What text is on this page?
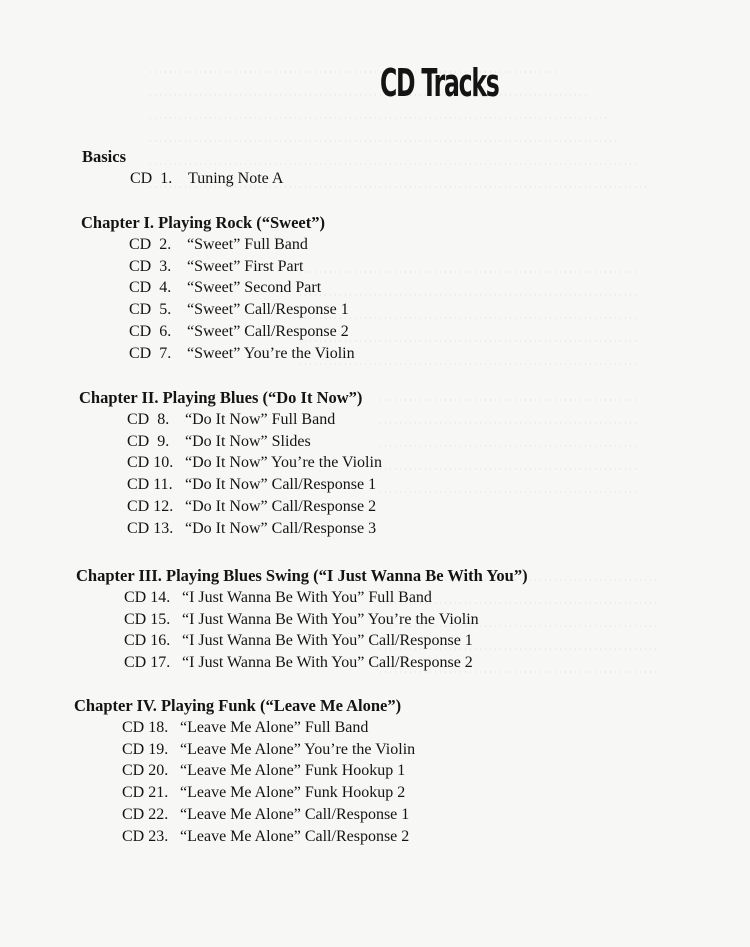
CD Tracks
Basics
CD 1. Tuning Note A
Chapter I. Playing Rock (“Sweet”)
CD 2. “Sweet” Full Band
CD 3. “Sweet” First Part
CD 4. “Sweet” Second Part
CD 5. “Sweet” Call/Response 1
CD 6. “Sweet” Call/Response 2
CD 7. “Sweet” You’re the Violin
Chapter II. Playing Blues (“Do It Now”)
CD 8. “Do It Now” Full Band
CD 9. “Do It Now” Slides
CD 10. “Do It Now” You’re the Violin
CD 11. “Do It Now” Call/Response 1
CD 12. “Do It Now” Call/Response 2
CD 13. “Do It Now” Call/Response 3
Chapter III. Playing Blues Swing (“I Just Wanna Be With You”)
CD 14. “I Just Wanna Be With You” Full Band
CD 15. “I Just Wanna Be With You” You’re the Violin
CD 16. “I Just Wanna Be With You” Call/Response 1
CD 17. “I Just Wanna Be With You” Call/Response 2
Chapter IV. Playing Funk (“Leave Me Alone”)
CD 18. “Leave Me Alone” Full Band
CD 19. “Leave Me Alone” You’re the Violin
CD 20. “Leave Me Alone” Funk Hookup 1
CD 21. “Leave Me Alone” Funk Hookup 2
CD 22. “Leave Me Alone” Call/Response 1
CD 23. “Leave Me Alone” Call/Response 2
